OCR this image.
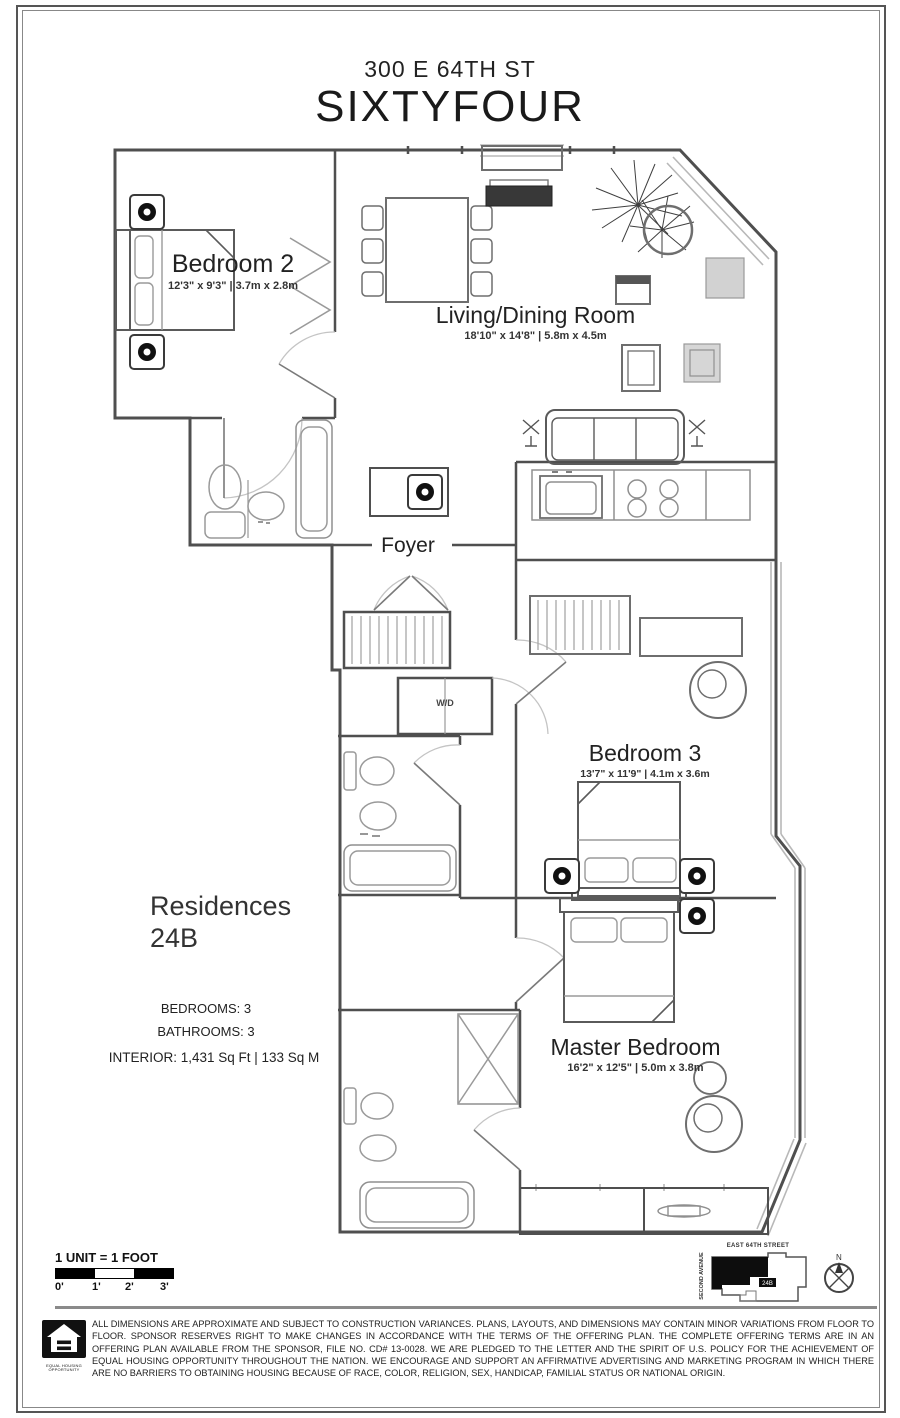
300 E 64TH ST
SIXTYFOUR
Bedroom 2
12'3" x 9'3" | 3.7m x 2.8m
Living/Dining Room
18'10" x 14'8" | 5.8m x 4.5m
Foyer
Bedroom 3
13'7" x 11'9" | 4.1m x 3.6m
Master Bedroom
16'2" x 12'5" | 5.0m x 3.8m
W/D
Residences
24B
BEDROOMS: 3
BATHROOMS: 3
INTERIOR: 1,431 Sq Ft | 133 Sq M
1 UNIT = 1 FOOT
0'	1' 2' 3'
EAST 64TH STREET
SECOND AVENUE	24B
N
EQUAL HOUSING OPPORTUNITY
ALL DIMENSIONS ARE APPROXIMATE AND SUBJECT TO CONSTRUCTION VARIANCES. PLANS, LAYOUTS, AND DIMENSIONS MAY CONTAIN MINOR VARIATIONS FROM FLOOR TO FLOOR. SPONSOR RESERVES RIGHT TO MAKE CHANGES IN ACCORDANCE WITH THE TERMS OF THE OFFERING PLAN. THE COMPLETE OFFERING TERMS ARE IN AN OFFERING PLAN AVAILABLE FROM THE SPONSOR, FILE NO. CD# 13-0028. WE ARE PLEDGED TO THE LETTER AND THE SPIRIT OF U.S. POLICY FOR THE ACHIEVEMENT OF EQUAL HOUSING OPPORTUNITY THROUGHOUT THE NATION. WE ENCOURAGE AND SUPPORT AN AFFIRMATIVE ADVERTISING AND MARKETING PROGRAM IN WHICH THERE ARE NO BARRIERS TO OBTAINING HOUSING BECAUSE OF RACE, COLOR, RELIGION, SEX, HANDICAP, FAMILIAL STATUS OR NATIONAL ORIGIN.
